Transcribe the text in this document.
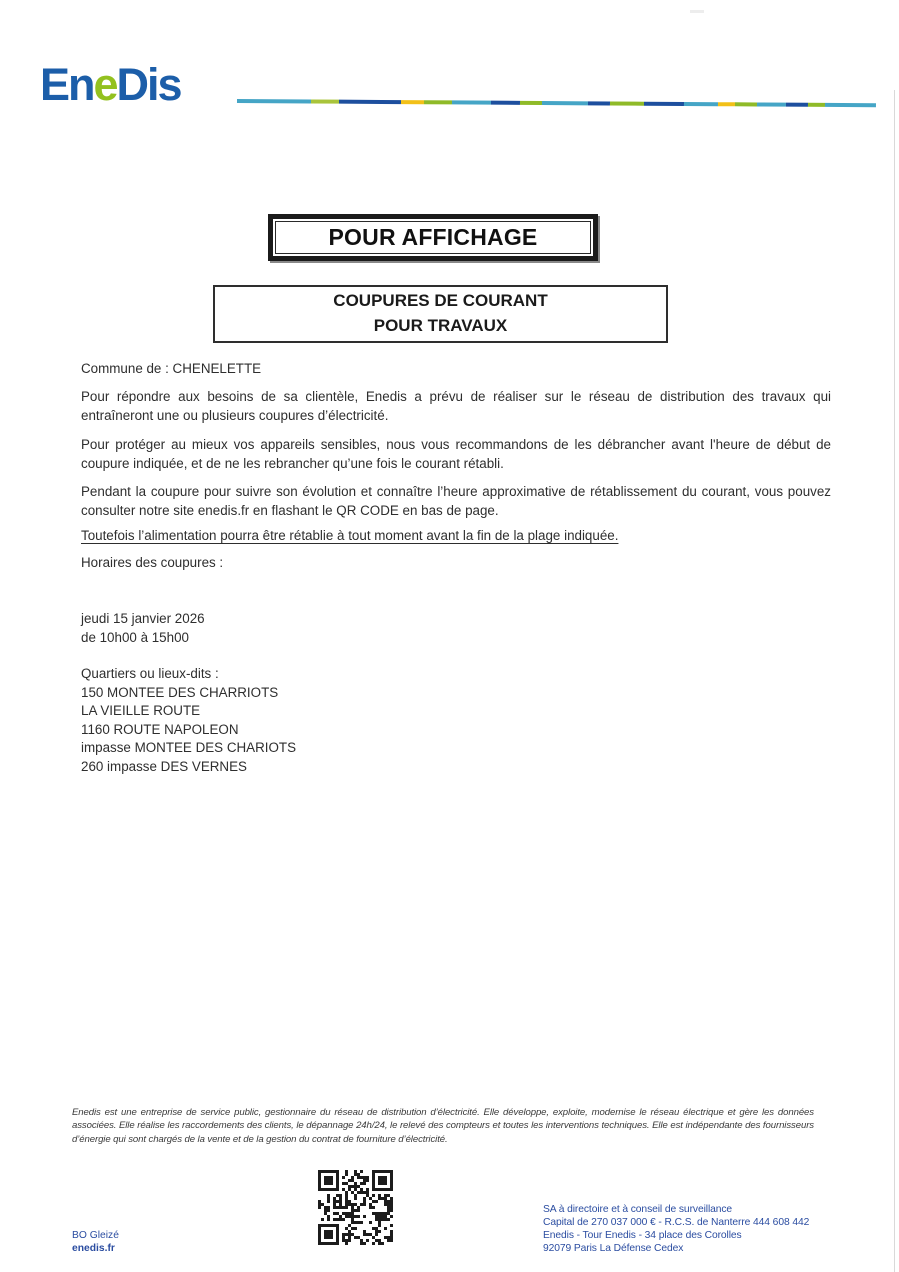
EneDis
POUR AFFICHAGE
COUPURES DE COURANT
POUR TRAVAUX

Commune de : CHENELETTE

Pour répondre aux besoins de sa clientèle, Enedis a prévu de réaliser sur le réseau de distribution des travaux qui entraîneront une ou plusieurs coupures d’électricité.

Pour protéger au mieux vos appareils sensibles, nous vous recommandons de les débrancher avant l'heure de début de coupure indiquée, et de ne les rebrancher qu’une fois le courant rétabli.

Pendant la coupure pour suivre son évolution et connaître l’heure approximative de rétablissement du courant, vous pouvez consulter notre site enedis.fr en flashant le QR CODE en bas de page.

Toutefois l’alimentation pourra être rétablie à tout moment avant la fin de la plage indiquée.

Horaires des coupures :

jeudi 15 janvier 2026
de 10h00 à 15h00
Quartiers ou lieux-dits :
150 MONTEE DES CHARRIOTS
LA VIEILLE ROUTE
1160 ROUTE NAPOLEON
impasse MONTEE DES CHARIOTS
260 impasse DES VERNES

Enedis est une entreprise de service public, gestionnaire du réseau de distribution d’électricité. Elle développe, exploite, modernise le réseau électrique et gère les données associées. Elle réalise les raccordements des clients, le dépannage 24h/24, le relevé des compteurs et toutes les interventions techniques. Elle est indépendante des fournisseurs d’énergie qui sont chargés de la vente et de la gestion du contrat de fourniture d’électricité.

BO Gleizé
enedis.fr
SA à directoire et à conseil de surveillance
Capital de 270 037 000 € - R.C.S. de Nanterre 444 608 442
Enedis - Tour Enedis - 34 place des Corolles
92079 Paris La Défense Cedex
